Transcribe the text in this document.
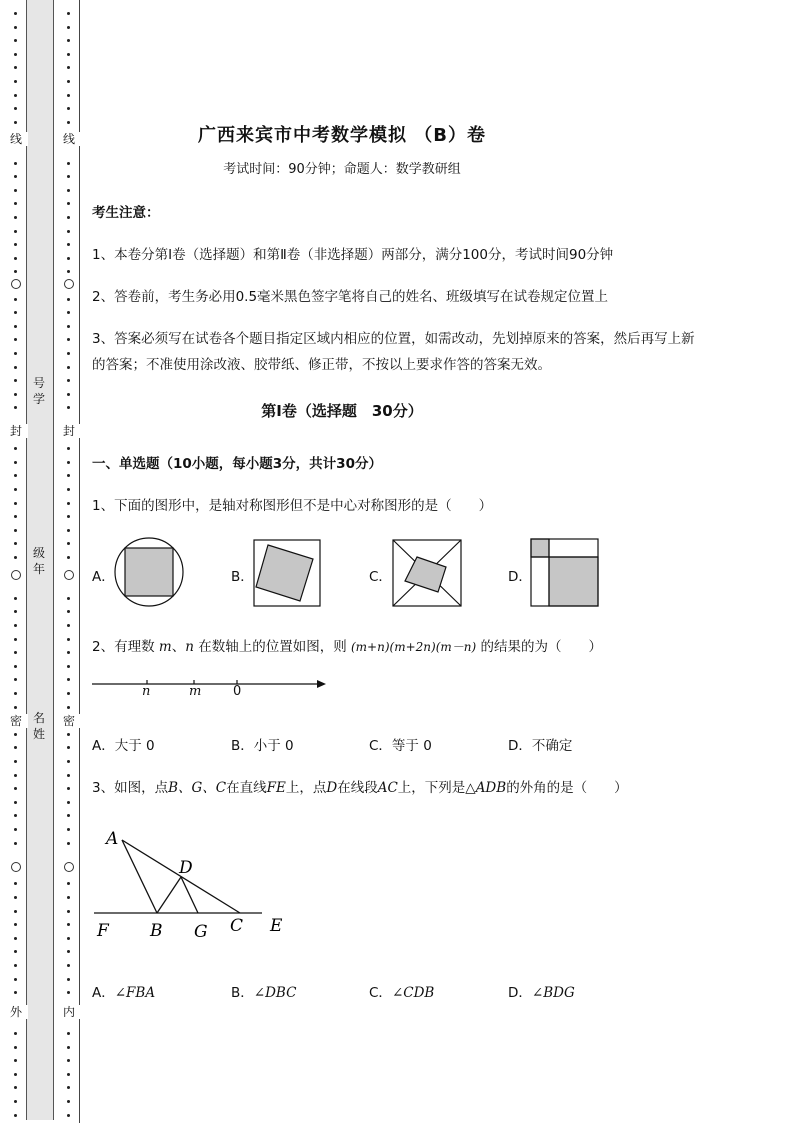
线
封
密
外
线
封
密
内
号
学
级
年
名
姓
广西来宾市中考数学模拟 （B）卷
考试时间：90分钟；命题人：数学教研组
考生注意：
1、本卷分第I卷（选择题）和第Ⅱ卷（非选择题）两部分，满分100分，考试时间90分钟
2、答卷前，考生务必用0.5毫米黑色签字笔将自己的姓名、班级填写在试卷规定位置上
3、答案必须写在试卷各个题目指定区域内相应的位置，如需改动，先划掉原来的答案，然后再写上新
的答案；不准使用涂改液、胶带纸、修正带，不按以上要求作答的答案无效。
第I卷（选择题　30分）
一、单选题（10小题，每小题3分，共计30分）
1、下面的图形中，是轴对称图形但不是中心对称图形的是（　　）
A．	B．	C．	D．
2、有理数 m、n 在数轴上的位置如图，则 (m+n)(m+2n)(m－n) 的结果的为（　　）
n	m 0
A．大于 0	B．小于 0	C．等于 0	D．不确定
3、如图，点B、G、C在直线FE上，点D在线段AC上，下列是△ADB的外角的是（　　）
A
D
F B G C E
A．∠FBA	B．∠DBC	C．∠CDB	D．∠BDG
